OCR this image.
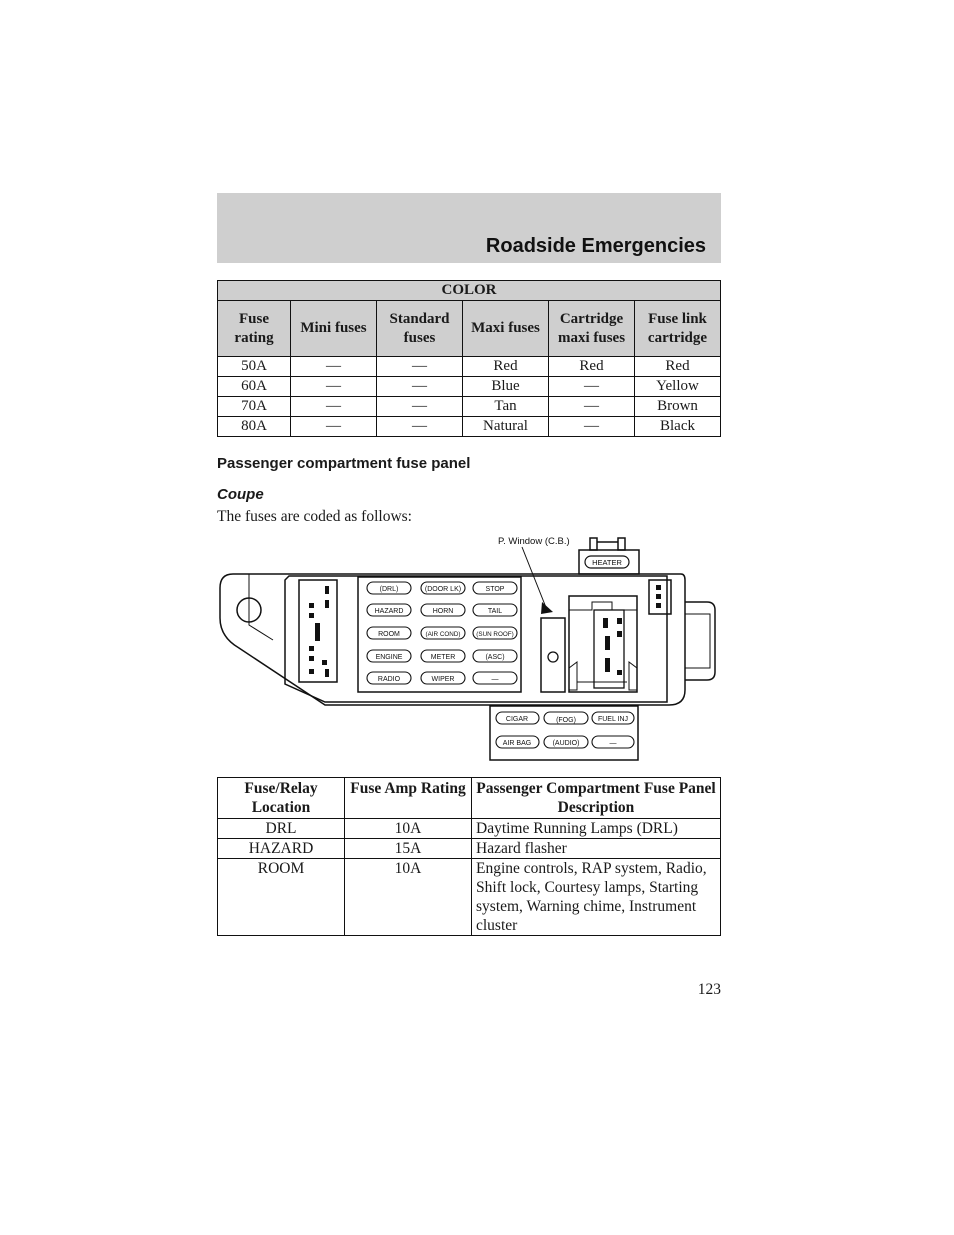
Roadside Emergencies
COLOR					
Fuse rating	Mini fuses	Standard fuses	Maxi fuses	Cartridge maxi fuses	Fuse link cartridge
50A	—	—	Red	Red	Red
60A	—	—	Blue	—	Yellow
70A	—	—	Tan	—	Brown
80A	—	—	Natural	—	Black
Passenger compartment fuse panel
Coupe
The fuses are coded as follows:
P. Window (C.B.)
HEATER
(DRL)	(DOOR LK)	STOP
HAZARD	HORN	TAIL
ROOM	(AIR COND)	(SUN ROOF)
ENGINE	METER	(ASC)
RADIO	WIPER	—
CIGAR	(FOG)	FUEL INJ
AIR BAG	(AUDIO)	—
Fuse/Relay Location	Fuse Amp Rating	Passenger Compartment Fuse Panel Description
DRL	10A	Daytime Running Lamps (DRL)
HAZARD	15A	Hazard flasher
ROOM	10A	Engine controls, RAP system, Radio, Shift lock, Courtesy lamps, Starting system, Warning chime, Instrument cluster
123
